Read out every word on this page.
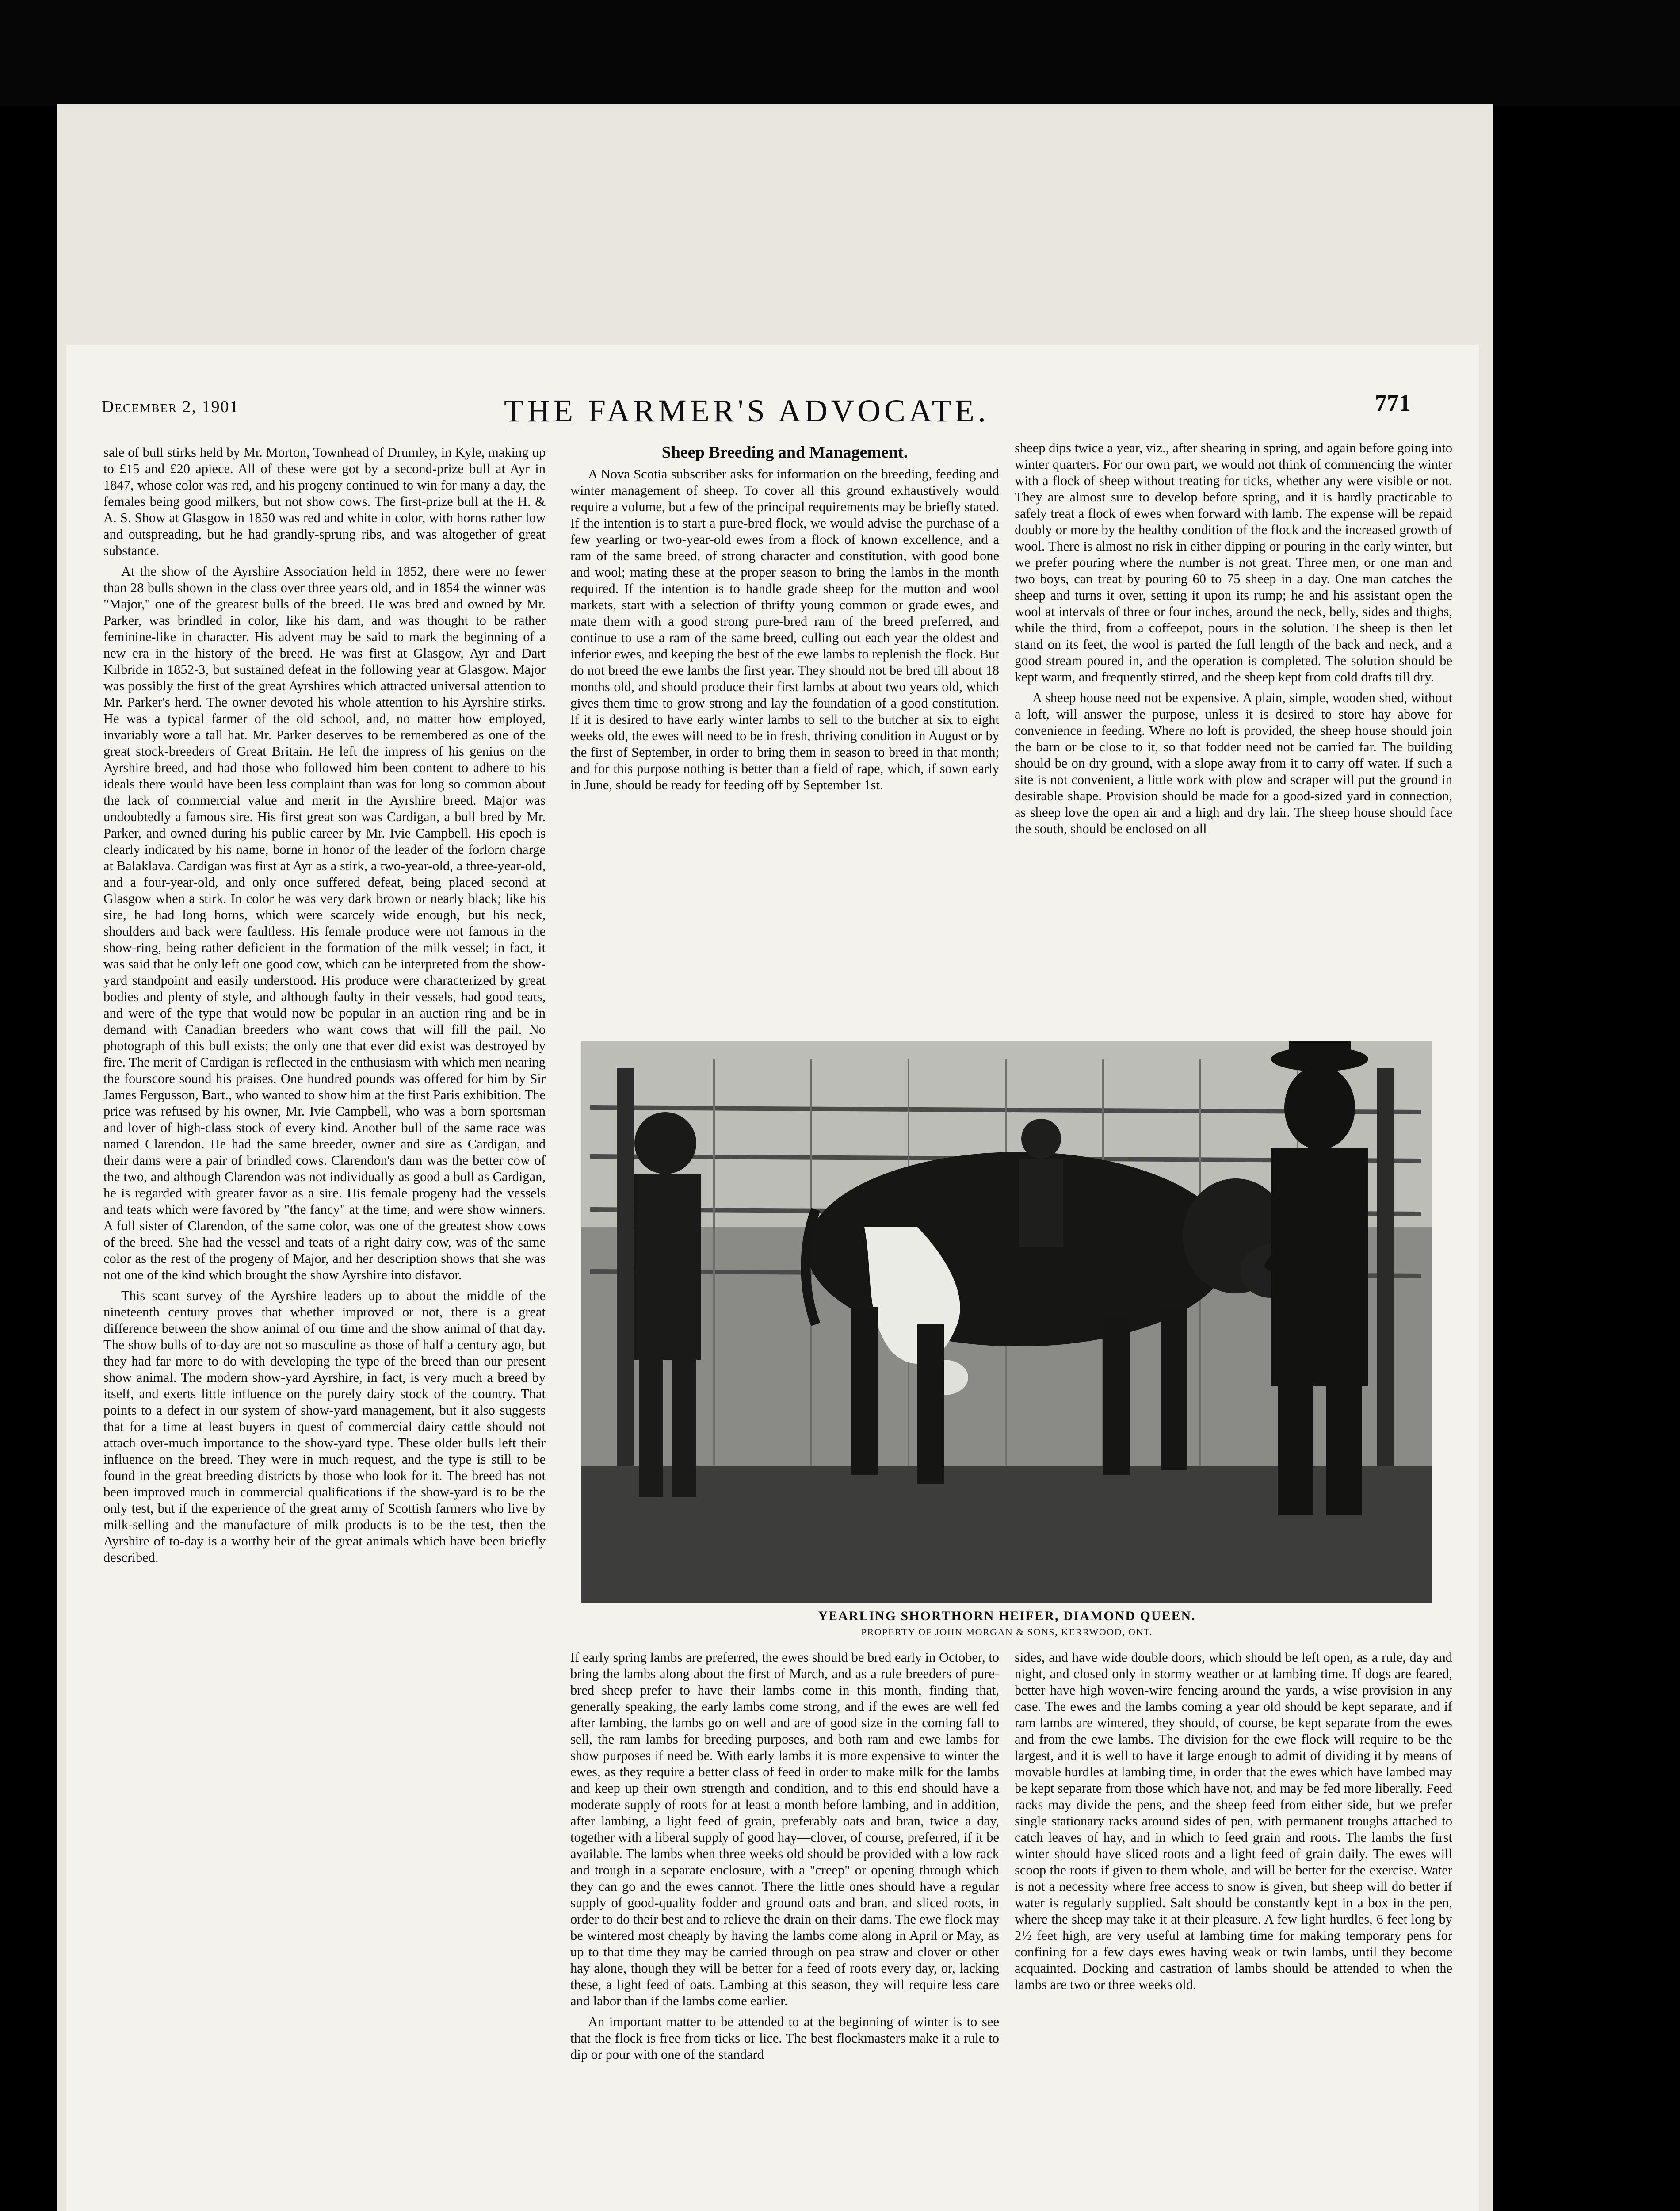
December 2, 1901	THE FARMER'S ADVOCATE.	771

sale of bull stirks held by Mr. Morton, Townhead of Drumley, in Kyle, making up to £15 and £20 apiece. All of these were got by a second-prize bull at Ayr in 1847, whose color was red, and his progeny continued to win for many a day, the females being good milkers, but not show cows. The first-prize bull at the H. & A. S. Show at Glasgow in 1850 was red and white in color, with horns rather low and outspreading, but he had grandly-sprung ribs, and was altogether of great substance.

At the show of the Ayrshire Association held in 1852, there were no fewer than 28 bulls shown in the class over three years old, and in 1854 the winner was "Major," one of the greatest bulls of the breed. He was bred and owned by Mr. Parker, was brindled in color, like his dam, and was thought to be rather feminine-like in character. His advent may be said to mark the beginning of a new era in the history of the breed. He was first at Glasgow, Ayr and Dart Kilbride in 1852-3, but sustained defeat in the following year at Glasgow. Major was possibly the first of the great Ayrshires which attracted universal attention to Mr. Parker's herd. The owner devoted his whole attention to his Ayrshire stirks. He was a typical farmer of the old school, and, no matter how employed, invariably wore a tall hat. Mr. Parker deserves to be remembered as one of the great stock-breeders of Great Britain. He left the impress of his genius on the Ayrshire breed, and had those who followed him been content to adhere to his ideals there would have been less complaint than was for long so common about the lack of commercial value and merit in the Ayrshire breed. Major was undoubtedly a famous sire. His first great son was Cardigan, a bull bred by Mr. Parker, and owned during his public career by Mr. Ivie Campbell. His epoch is clearly indicated by his name, borne in honor of the leader of the forlorn charge at Balaklava. Cardigan was first at Ayr as a stirk, a two-year-old, a three-year-old, and a four-year-old, and only once suffered defeat, being placed second at Glasgow when a stirk. In color he was very dark brown or nearly black; like his sire, he had long horns, which were scarcely wide enough, but his neck, shoulders and back were faultless. His female produce were not famous in the show-ring, being rather deficient in the formation of the milk vessel; in fact, it was said that he only left one good cow, which can be interpreted from the show-yard standpoint and easily understood. His produce were characterized by great bodies and plenty of style, and although faulty in their vessels, had good teats, and were of the type that would now be popular in an auction ring and be in demand with Canadian breeders who want cows that will fill the pail. No photograph of this bull exists; the only one that ever did exist was destroyed by fire. The merit of Cardigan is reflected in the enthusiasm with which men nearing the fourscore sound his praises. One hundred pounds was offered for him by Sir James Fergusson, Bart., who wanted to show him at the first Paris exhibition. The price was refused by his owner, Mr. Ivie Campbell, who was a born sportsman and lover of high-class stock of every kind. Another bull of the same race was named Clarendon. He had the same breeder, owner and sire as Cardigan, and their dams were a pair of brindled cows. Clarendon's dam was the better cow of the two, and although Clarendon was not individually as good a bull as Cardigan, he is regarded with greater favor as a sire. His female progeny had the vessels and teats which were favored by "the fancy" at the time, and were show winners. A full sister of Clarendon, of the same color, was one of the greatest show cows of the breed. She had the vessel and teats of a right dairy cow, was of the same color as the rest of the progeny of Major, and her description shows that she was not one of the kind which brought the show Ayrshire into disfavor.

This scant survey of the Ayrshire leaders up to about the middle of the nineteenth century proves that whether improved or not, there is a great difference between the show animal of our time and the show animal of that day. The show bulls of to-day are not so masculine as those of half a century ago, but they had far more to do with developing the type of the breed than our present show animal. The modern show-yard Ayrshire, in fact, is very much a breed by itself, and exerts little influence on the purely dairy stock of the country. That points to a defect in our system of show-yard management, but it also suggests that for a time at least buyers in quest of commercial dairy cattle should not attach over-much importance to the show-yard type. These older bulls left their influence on the breed. They were in much request, and the type is still to be found in the great breeding districts by those who look for it. The breed has not been improved much in commercial qualifications if the show-yard is to be the only test, but if the experience of the great army of Scottish farmers who live by milk-selling and the manufacture of milk products is to be the test, then the Ayrshire of to-day is a worthy heir of the great animals which have been briefly described.

Sheep Breeding and Management.

A Nova Scotia subscriber asks for information on the breeding, feeding and winter management of sheep. To cover all this ground exhaustively would require a volume, but a few of the principal requirements may be briefly stated. If the intention is to start a pure-bred flock, we would advise the purchase of a few yearling or two-year-old ewes from a flock of known excellence, and a ram of the same breed, of strong character and constitution, with good bone and wool; mating these at the proper season to bring the lambs in the month required. If the intention is to handle grade sheep for the mutton and wool markets, start with a selection of thrifty young common or grade ewes, and mate them with a good strong pure-bred ram of the breed preferred, and continue to use a ram of the same breed, culling out each year the oldest and inferior ewes, and keeping the best of the ewe lambs to replenish the flock. But do not breed the ewe lambs the first year. They should not be bred till about 18 months old, and should produce their first lambs at about two years old, which gives them time to grow strong and lay the foundation of a good constitution. If it is desired to have early winter lambs to sell to the butcher at six to eight weeks old, the ewes will need to be in fresh, thriving condition in August or by the first of September, in order to bring them in season to breed in that month; and for this purpose nothing is better than a field of rape, which, if sown early in June, should be ready for feeding off by September 1st.

sheep dips twice a year, viz., after shearing in spring, and again before going into winter quarters. For our own part, we would not think of commencing the winter with a flock of sheep without treating for ticks, whether any were visible or not. They are almost sure to develop before spring, and it is hardly practicable to safely treat a flock of ewes when forward with lamb. The expense will be repaid doubly or more by the healthy condition of the flock and the increased growth of wool. There is almost no risk in either dipping or pouring in the early winter, but we prefer pouring where the number is not great. Three men, or one man and two boys, can treat by pouring 60 to 75 sheep in a day. One man catches the sheep and turns it over, setting it upon its rump; he and his assistant open the wool at intervals of three or four inches, around the neck, belly, sides and thighs, while the third, from a coffeepot, pours in the solution. The sheep is then let stand on its feet, the wool is parted the full length of the back and neck, and a good stream poured in, and the operation is completed. The solution should be kept warm, and frequently stirred, and the sheep kept from cold drafts till dry.

A sheep house need not be expensive. A plain, simple, wooden shed, without a loft, will answer the purpose, unless it is desired to store hay above for convenience in feeding. Where no loft is provided, the sheep house should join the barn or be close to it, so that fodder need not be carried far. The building should be on dry ground, with a slope away from it to carry off water. If such a site is not convenient, a little work with plow and scraper will put the ground in desirable shape. Provision should be made for a good-sized yard in connection, as sheep love the open air and a high and dry lair. The sheep house should face the south, should be enclosed on all

YEARLING SHORTHORN HEIFER, DIAMOND QUEEN.
PROPERTY OF JOHN MORGAN & SONS, KERRWOOD, ONT.

If early spring lambs are preferred, the ewes should be bred early in October, to bring the lambs along about the first of March, and as a rule breeders of pure-bred sheep prefer to have their lambs come in this month, finding that, generally speaking, the early lambs come strong, and if the ewes are well fed after lambing, the lambs go on well and are of good size in the coming fall to sell, the ram lambs for breeding purposes, and both ram and ewe lambs for show purposes if need be. With early lambs it is more expensive to winter the ewes, as they require a better class of feed in order to make milk for the lambs and keep up their own strength and condition, and to this end should have a moderate supply of roots for at least a month before lambing, and in addition, after lambing, a light feed of grain, preferably oats and bran, twice a day, together with a liberal supply of good hay—clover, of course, preferred, if it be available. The lambs when three weeks old should be provided with a low rack and trough in a separate enclosure, with a "creep" or opening through which they can go and the ewes cannot. There the little ones should have a regular supply of good-quality fodder and ground oats and bran, and sliced roots, in order to do their best and to relieve the drain on their dams. The ewe flock may be wintered most cheaply by having the lambs come along in April or May, as up to that time they may be carried through on pea straw and clover or other hay alone, though they will be better for a feed of roots every day, or, lacking these, a light feed of oats. Lambing at this season, they will require less care and labor than if the lambs come earlier.

An important matter to be attended to at the beginning of winter is to see that the flock is free from ticks or lice. The best flockmasters make it a rule to dip or pour with one of the standard

sides, and have wide double doors, which should be left open, as a rule, day and night, and closed only in stormy weather or at lambing time. If dogs are feared, better have high woven-wire fencing around the yards, a wise provision in any case. The ewes and the lambs coming a year old should be kept separate, and if ram lambs are wintered, they should, of course, be kept separate from the ewes and from the ewe lambs. The division for the ewe flock will require to be the largest, and it is well to have it large enough to admit of dividing it by means of movable hurdles at lambing time, in order that the ewes which have lambed may be kept separate from those which have not, and may be fed more liberally. Feed racks may divide the pens, and the sheep feed from either side, but we prefer single stationary racks around sides of pen, with permanent troughs attached to catch leaves of hay, and in which to feed grain and roots. The lambs the first winter should have sliced roots and a light feed of grain daily. The ewes will scoop the roots if given to them whole, and will be better for the exercise. Water is not a necessity where free access to snow is given, but sheep will do better if water is regularly supplied. Salt should be constantly kept in a box in the pen, where the sheep may take it at their pleasure. A few light hurdles, 6 feet long by 2½ feet high, are very useful at lambing time for making temporary pens for confining for a few days ewes having weak or twin lambs, until they become acquainted. Docking and castration of lambs should be attended to when the lambs are two or three weeks old.
